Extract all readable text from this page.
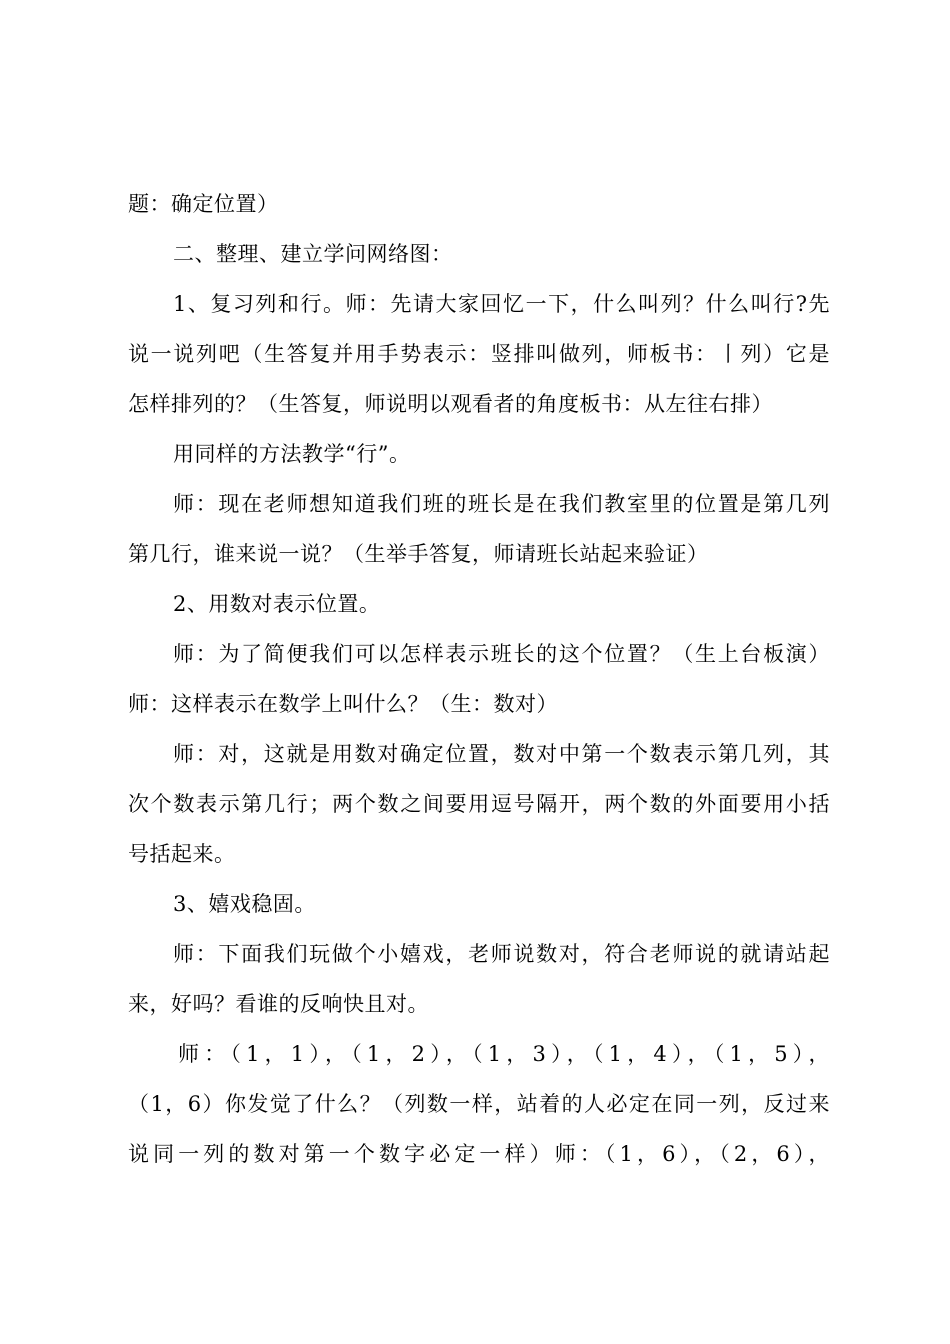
题：确定位置）
二、整理、建立学问网络图：
1、复习列和行。师：先请大家回忆一下，什么叫列？什么叫行?先
说一说列吧（生答复并用手势表示：竖排叫做列，师板书：丨列）它是
怎样排列的？（生答复，师说明以观看者的角度板书：从左往右排）
用同样的方法教学“行”。
师：现在老师想知道我们班的班长是在我们教室里的位置是第几列
第几行，谁来说一说？（生举手答复，师请班长站起来验证）
2、用数对表示位置。
师：为了简便我们可以怎样表示班长的这个位置？（生上台板演）
师：这样表示在数学上叫什么？（生：数对）
师：对，这就是用数对确定位置，数对中第一个数表示第几列，其
次个数表示第几行；两个数之间要用逗号隔开，两个数的外面要用小括
号括起来。
3、嬉戏稳固。
师：下面我们玩做个小嬉戏，老师说数对，符合老师说的就请站起
来，好吗？看谁的反响快且对。
师：（1，1），（1，2），（1，3），（1，4），（1，5），
（1，6）你发觉了什么？（列数一样，站着的人必定在同一列，反过来
说同一列的数对第一个数字必定一样）师：（1，6），（2，6），
